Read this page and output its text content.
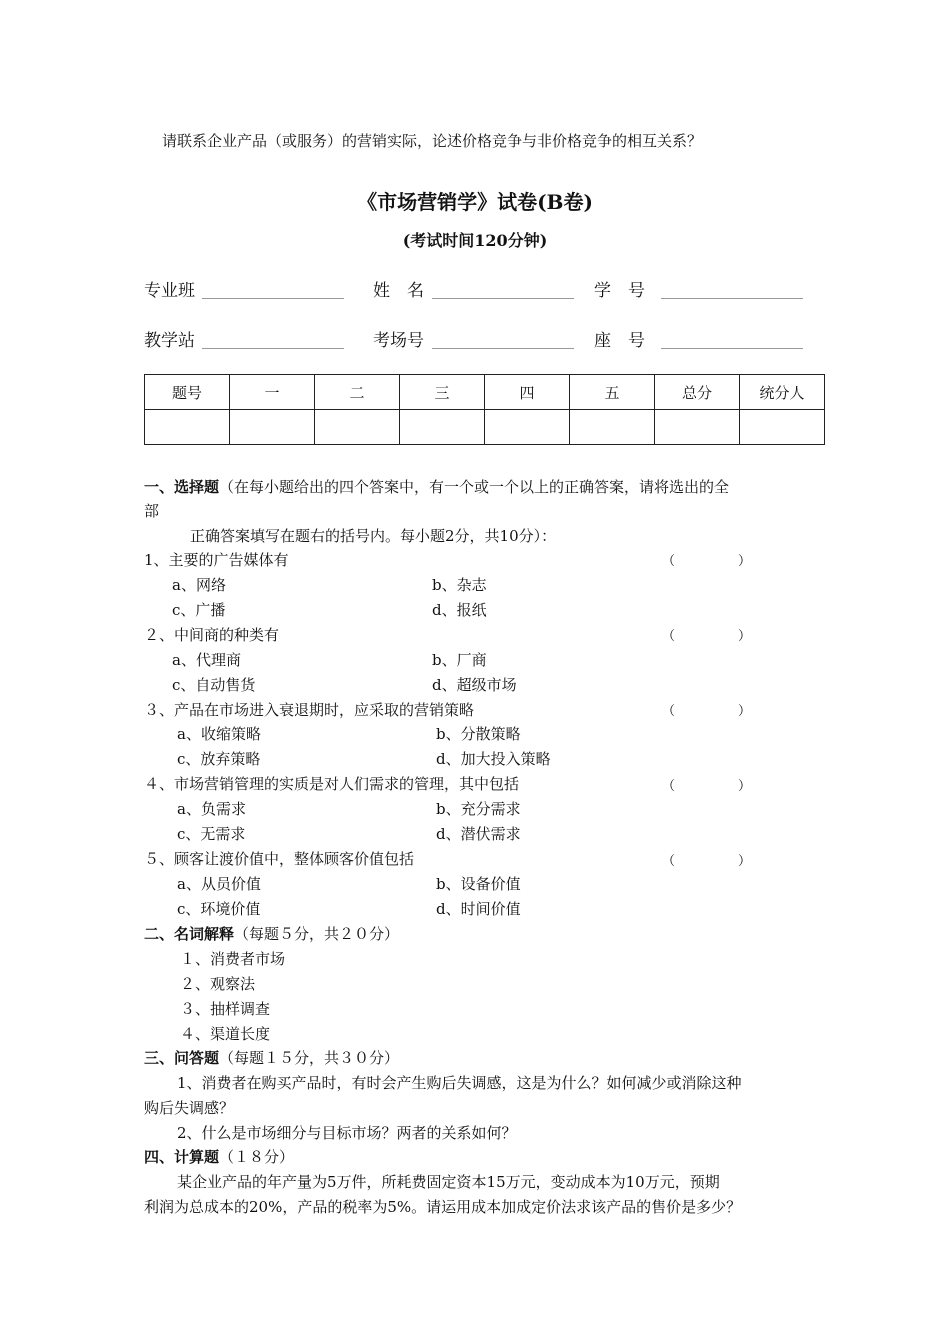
请联系企业产品（或服务）的营销实际，论述价格竞争与非价格竞争的相互关系？
《市场营销学》试卷(B卷)
(考试时间120分钟)
专业班	姓　名	学　号
教学站	考场号	座　号
题号	一	二	三	四	五	总分	统分人

一、选择题（在每小题给出的四个答案中，有一个或一个以上的正确答案，请将选出的全
部
正确答案填写在题右的括号内。每小题2分，共10分）：
1、主要的广告媒体有	（	）
a、网络	b、杂志
c、广播	d、报纸
２、中间商的种类有	（	）
a、代理商	b、厂商
c、自动售货	d、超级市场
３、产品在市场进入衰退期时，应采取的营销策略	（	）
a、收缩策略	b、分散策略
c、放弃策略	d、加大投入策略
４、市场营销管理的实质是对人们需求的管理，其中包括	（	）
a、负需求	b、充分需求
c、无需求	d、潜伏需求
５、顾客让渡价值中，整体顾客价值包括	（	）
a、从员价值	b、设备价值
c、环境价值	d、时间价值
二、名词解释（每题５分，共２０分）
１、消费者市场
２、观察法
３、抽样调查
４、渠道长度
三、问答题（每题１５分，共３０分）
1、消费者在购买产品时，有时会产生购后失调感，这是为什么？如何减少或消除这种
购后失调感？
2、什么是市场细分与目标市场？两者的关系如何？
四、计算题（１８分）
某企业产品的年产量为5万件，所耗费固定资本15万元，变动成本为10万元，预期
利润为总成本的20%，产品的税率为5%。请运用成本加成定价法求该产品的售价是多少？
